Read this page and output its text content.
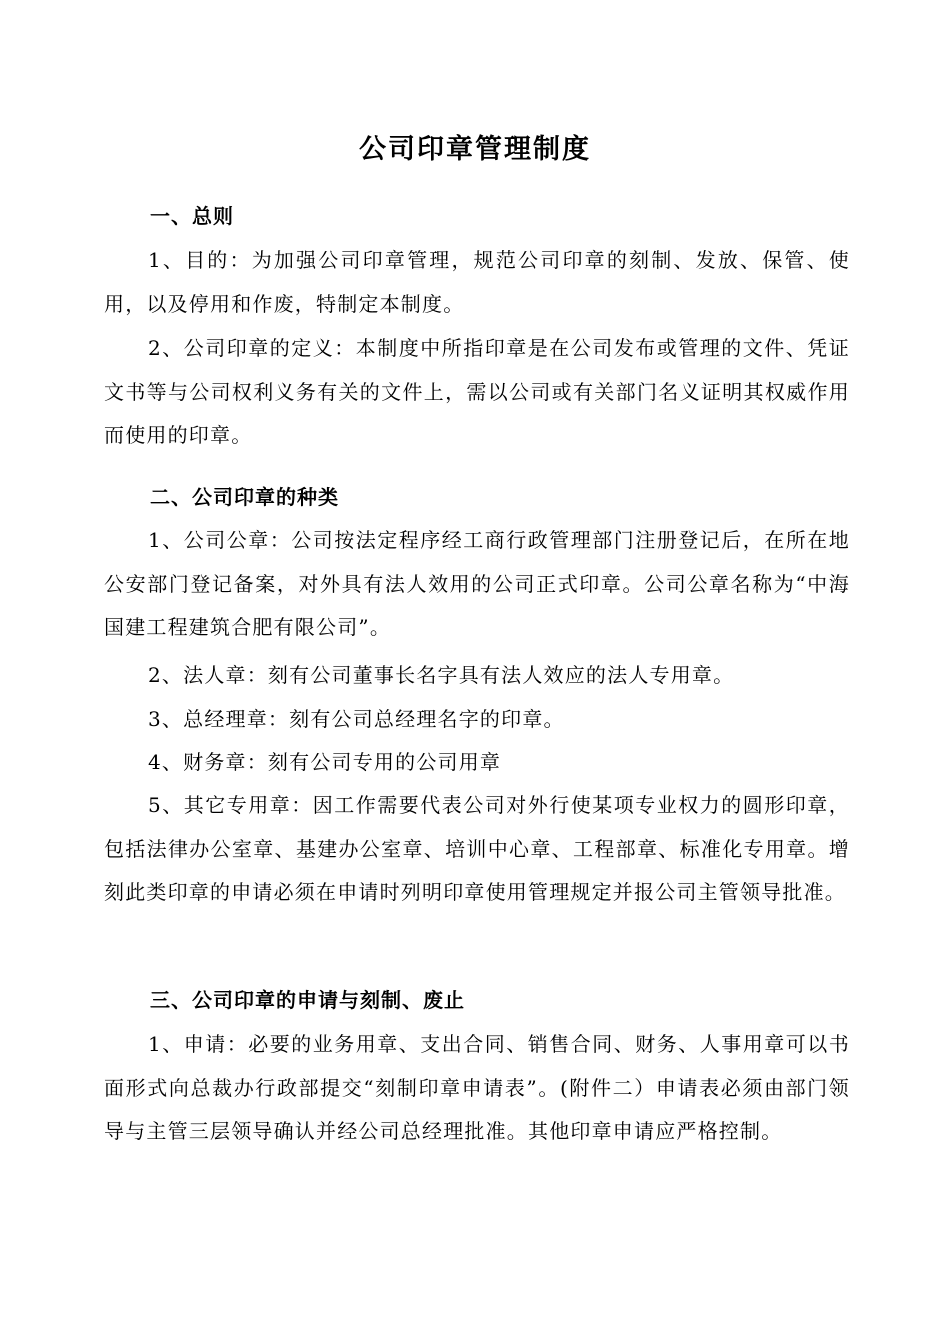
公司印章管理制度
一、总则
1、目的：为加强公司印章管理，规范公司印章的刻制、发放、保管、使用，以及停用和作废，特制定本制度。
2、公司印章的定义：本制度中所指印章是在公司发布或管理的文件、凭证文书等与公司权利义务有关的文件上，需以公司或有关部门名义证明其权威作用而使用的印章。
二、公司印章的种类
1、公司公章：公司按法定程序经工商行政管理部门注册登记后，在所在地公安部门登记备案，对外具有法人效用的公司正式印章。公司公章名称为“中海国建工程建筑合肥有限公司”。
2、法人章：刻有公司董事长名字具有法人效应的法人专用章。
3、总经理章：刻有公司总经理名字的印章。
4、财务章：刻有公司专用的公司用章
5、其它专用章：因工作需要代表公司对外行使某项专业权力的圆形印章，包括法律办公室章、基建办公室章、培训中心章、工程部章、标准化专用章。增刻此类印章的申请必须在申请时列明印章使用管理规定并报公司主管领导批准。
三、公司印章的申请与刻制、废止
1、申请：必要的业务用章、支出合同、销售合同、财务、人事用章可以书面形式向总裁办行政部提交“刻制印章申请表”。(附件二）申请表必须由部门领导与主管三层领导确认并经公司总经理批准。其他印章申请应严格控制。
